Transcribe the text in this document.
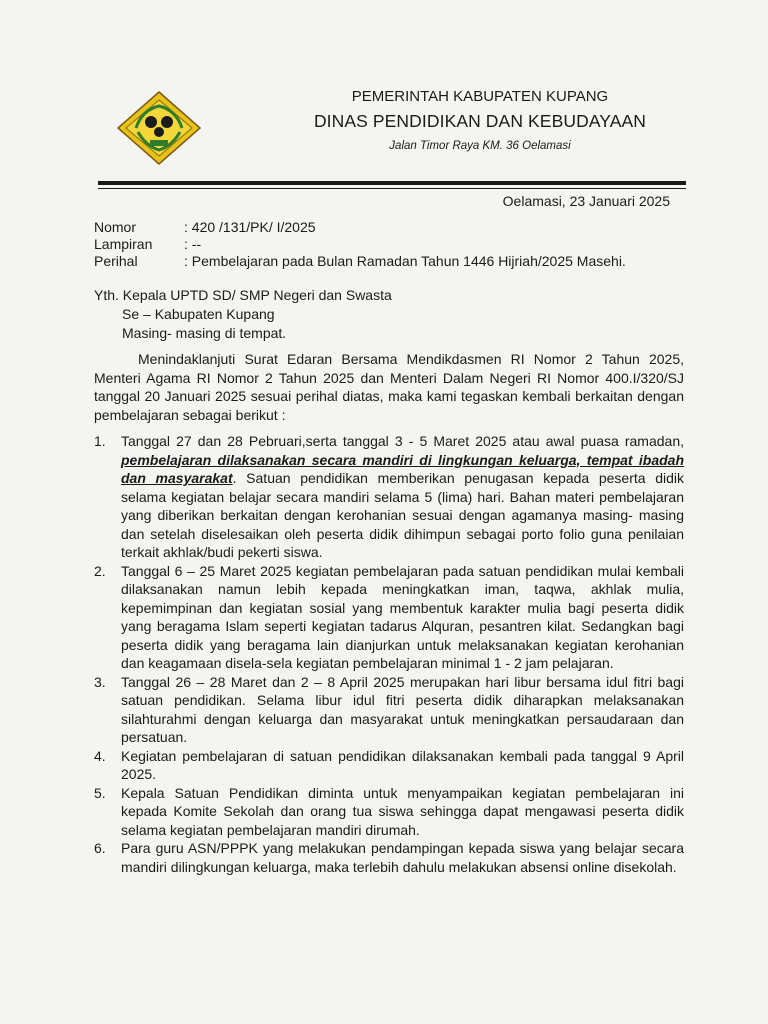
PEMERINTAH KABUPATEN KUPANG
DINAS PENDIDIKAN DAN KEBUDAYAAN
Jalan Timor Raya KM. 36 Oelamasi
Oelamasi, 23 Januari 2025
Nomor	: 420 /131/PK/ I/2025
Lampiran	: --
Perihal	: Pembelajaran pada Bulan Ramadan Tahun 1446 Hijriah/2025 Masehi.
Yth. Kepala UPTD SD/ SMP Negeri dan Swasta
Se – Kabupaten Kupang
Masing- masing di tempat.
Menindaklanjuti Surat Edaran Bersama Mendikdasmen RI Nomor 2 Tahun 2025, Menteri Agama RI Nomor 2 Tahun 2025 dan Menteri Dalam Negeri RI Nomor 400.I/320/SJ tanggal 20 Januari 2025 sesuai perihal diatas, maka kami tegaskan kembali berkaitan dengan pembelajaran sebagai berikut :
1.	Tanggal 27 dan 28 Pebruari,serta tanggal 3 - 5 Maret 2025 atau awal puasa ramadan, pembelajaran dilaksanakan secara mandiri di lingkungan keluarga, tempat ibadah dan masyarakat. Satuan pendidikan memberikan penugasan kepada peserta didik selama kegiatan belajar secara mandiri selama 5 (lima) hari. Bahan materi pembelajaran yang diberikan berkaitan dengan kerohanian sesuai dengan agamanya masing- masing dan setelah diselesaikan oleh peserta didik dihimpun sebagai porto folio guna penilaian terkait akhlak/budi pekerti siswa.
2.	Tanggal 6 – 25 Maret 2025 kegiatan pembelajaran pada satuan pendidikan mulai kembali dilaksanakan namun lebih kepada meningkatkan iman, taqwa, akhlak mulia, kepemimpinan dan kegiatan sosial yang membentuk karakter mulia bagi peserta didik yang beragama Islam seperti kegiatan tadarus Alquran, pesantren kilat. Sedangkan bagi peserta didik yang beragama lain dianjurkan untuk melaksanakan kegiatan kerohanian dan keagamaan disela-sela kegiatan pembelajaran minimal 1 - 2 jam pelajaran.
3.	Tanggal 26 – 28 Maret dan 2 – 8 April 2025 merupakan hari libur bersama idul fitri bagi satuan pendidikan. Selama libur idul fitri peserta didik diharapkan melaksanakan silahturahmi dengan keluarga dan masyarakat untuk meningkatkan persaudaraan dan persatuan.
4.	Kegiatan pembelajaran di satuan pendidikan dilaksanakan kembali pada tanggal 9 April 2025.
5.	Kepala Satuan Pendidikan diminta untuk menyampaikan kegiatan pembelajaran ini kepada Komite Sekolah dan orang tua siswa sehingga dapat mengawasi peserta didik selama kegiatan pembelajaran mandiri dirumah.
6.	Para guru ASN/PPPK yang melakukan pendampingan kepada siswa yang belajar secara mandiri dilingkungan keluarga, maka terlebih dahulu melakukan absensi online disekolah.
